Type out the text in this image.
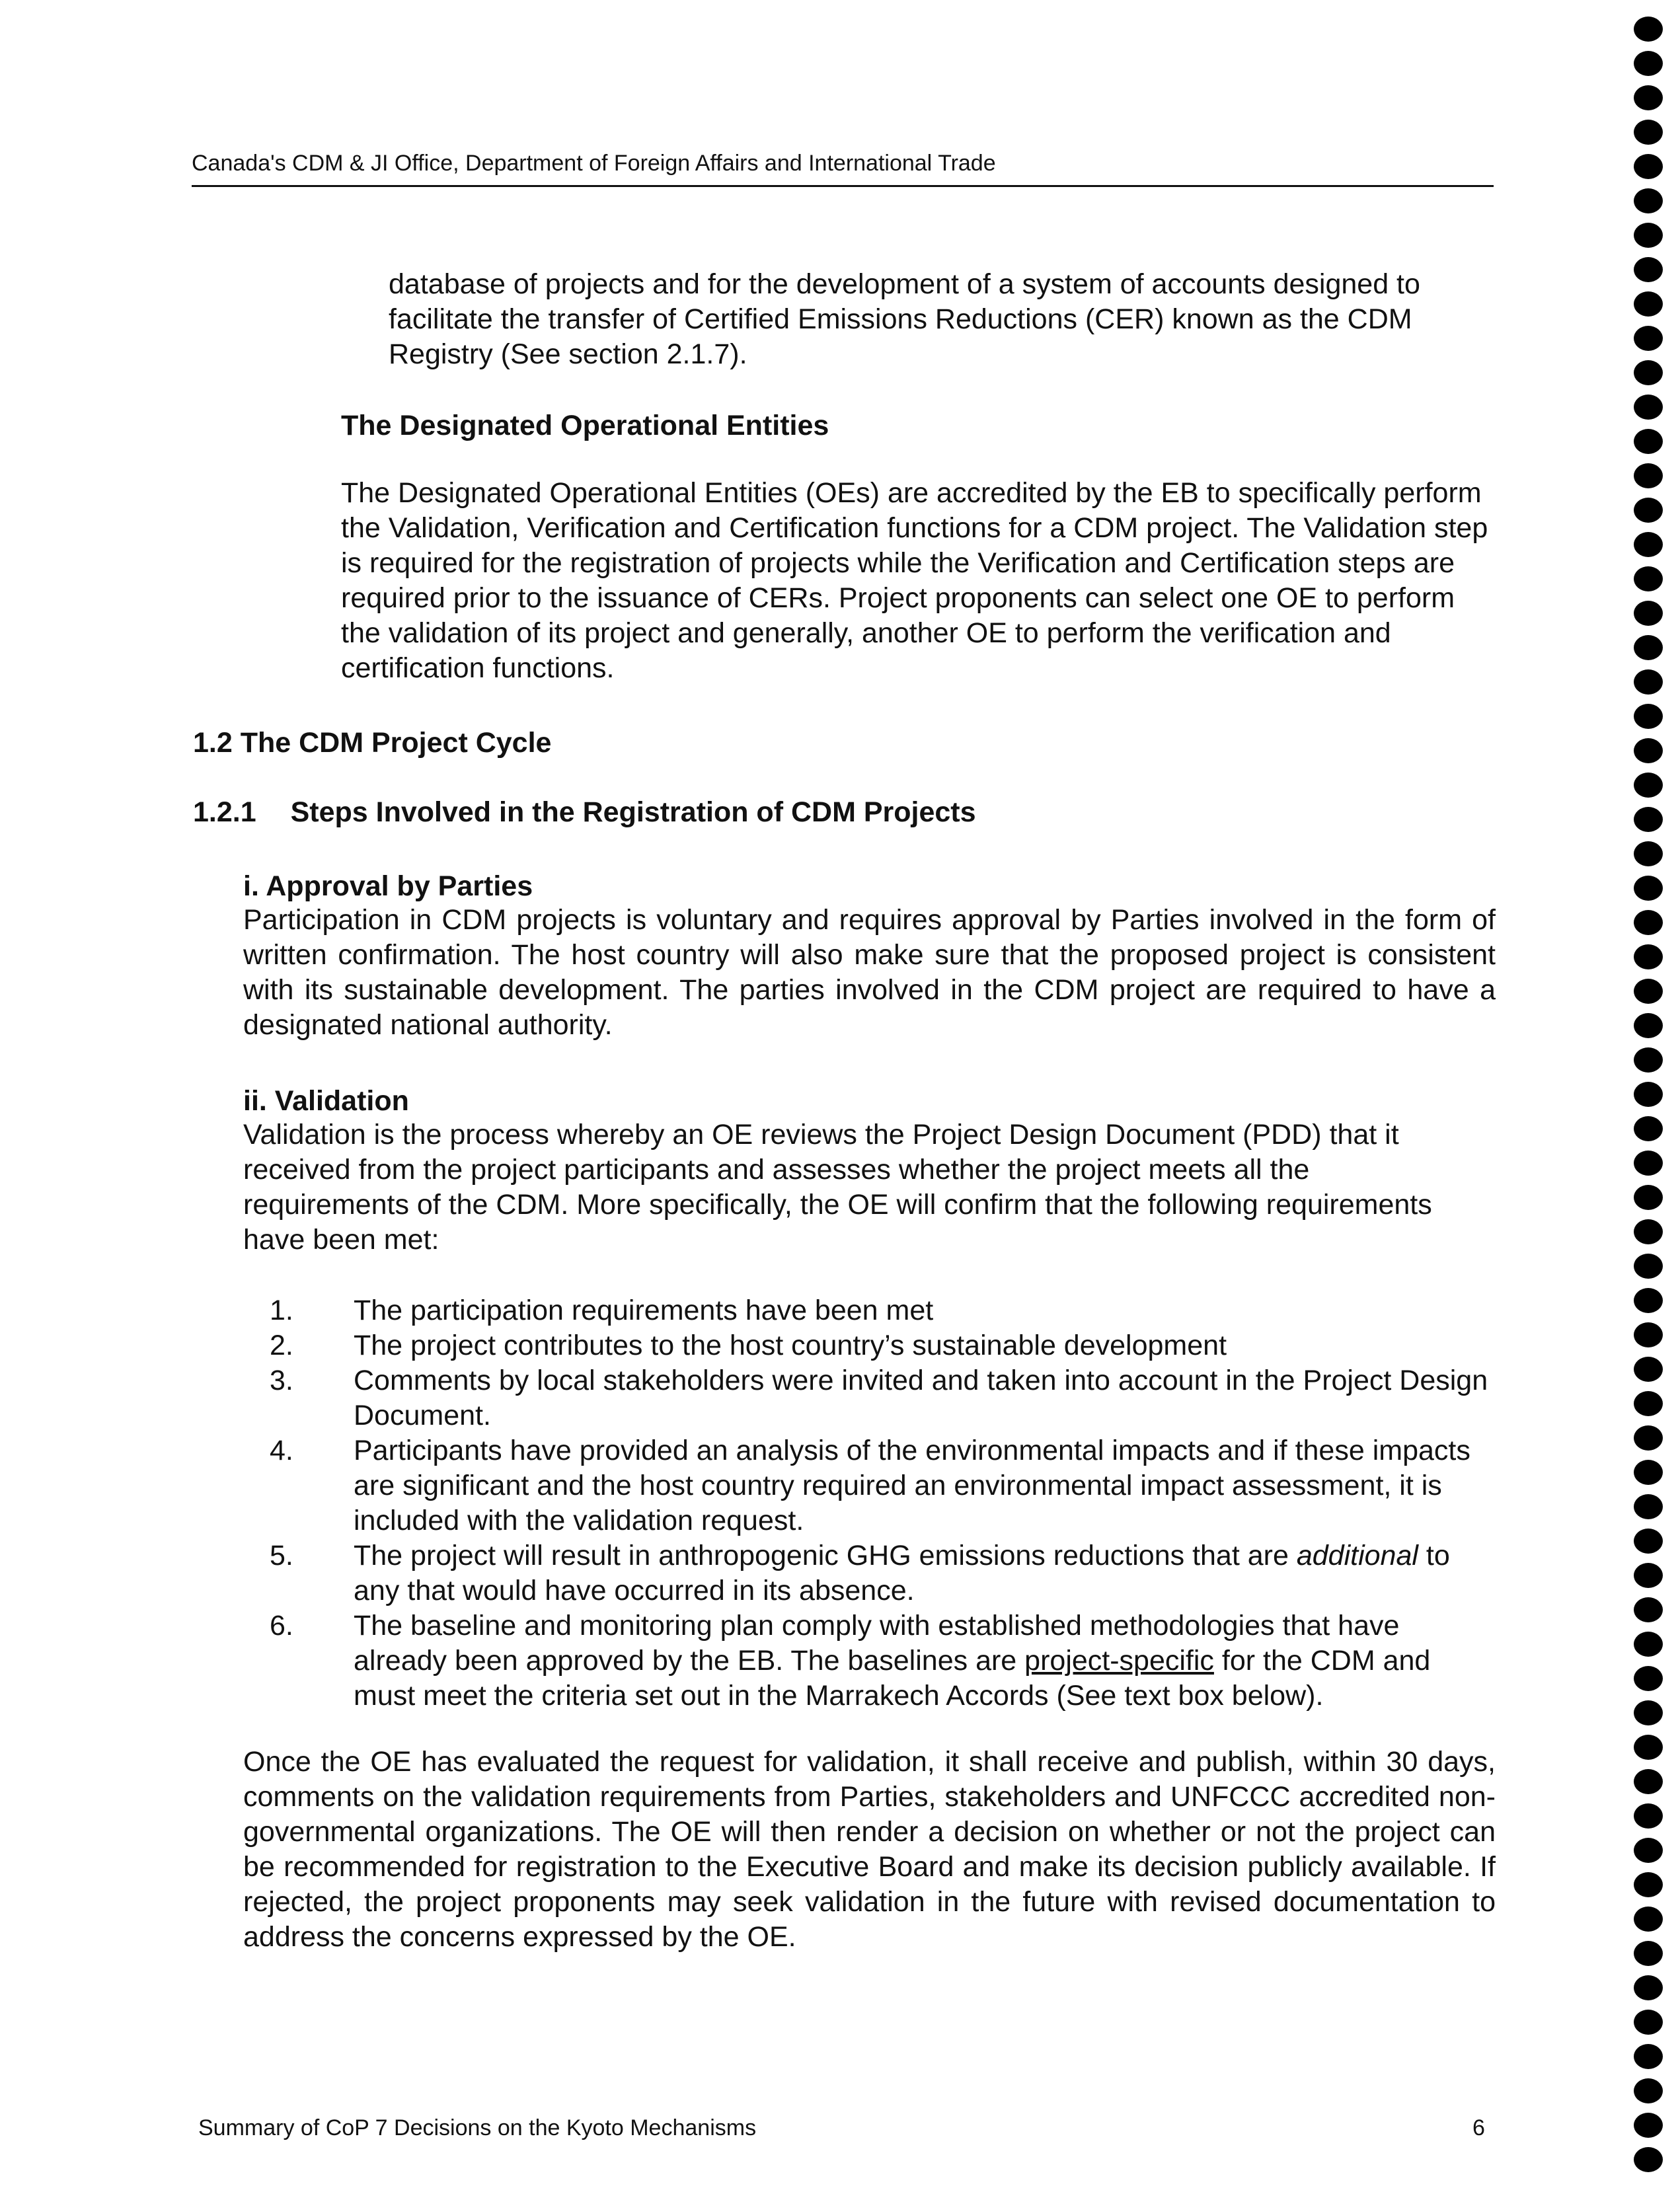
Canada's CDM & JI Office, Department of Foreign Affairs and International Trade

database of projects and for the development of a system of accounts designed to facilitate the transfer of Certified Emissions Reductions (CER) known as the CDM Registry (See section 2.1.7).

The Designated Operational Entities

The Designated Operational Entities (OEs) are accredited by the EB to specifically perform the Validation, Verification and Certification functions for a CDM project. The Validation step is required for the registration of projects while the Verification and Certification steps are required prior to the issuance of CERs. Project proponents can select one OE to perform the validation of its project and generally, another OE to perform the verification and certification functions.

1.2 The CDM Project Cycle
1.2.1 Steps Involved in the Registration of CDM Projects
i. Approval by Parties

Participation in CDM projects is voluntary and requires approval by Parties involved in the form of written confirmation. The host country will also make sure that the proposed project is consistent with its sustainable development. The parties involved in the CDM project are required to have a designated national authority.

ii. Validation

Validation is the process whereby an OE reviews the Project Design Document (PDD) that it received from the project participants and assesses whether the project meets all the requirements of the CDM. More specifically, the OE will confirm that the following requirements have been met:

1. The participation requirements have been met
2. The project contributes to the host country’s sustainable development
3. Comments by local stakeholders were invited and taken into account in the Project Design Document.
4. Participants have provided an analysis of the environmental impacts and if these impacts are significant and the host country required an environmental impact assessment, it is included with the validation request.
5. The project will result in anthropogenic GHG emissions reductions that are additional to any that would have occurred in its absence.
6. The baseline and monitoring plan comply with established methodologies that have already been approved by the EB. The baselines are project-specific for the CDM and must meet the criteria set out in the Marrakech Accords (See text box below).

Once the OE has evaluated the request for validation, it shall receive and publish, within 30 days, comments on the validation requirements from Parties, stakeholders and UNFCCC accredited non-governmental organizations. The OE will then render a decision on whether or not the project can be recommended for registration to the Executive Board and make its decision publicly available. If rejected, the project proponents may seek validation in the future with revised documentation to address the concerns expressed by the OE.

Summary of CoP 7 Decisions on the Kyoto Mechanisms	6
